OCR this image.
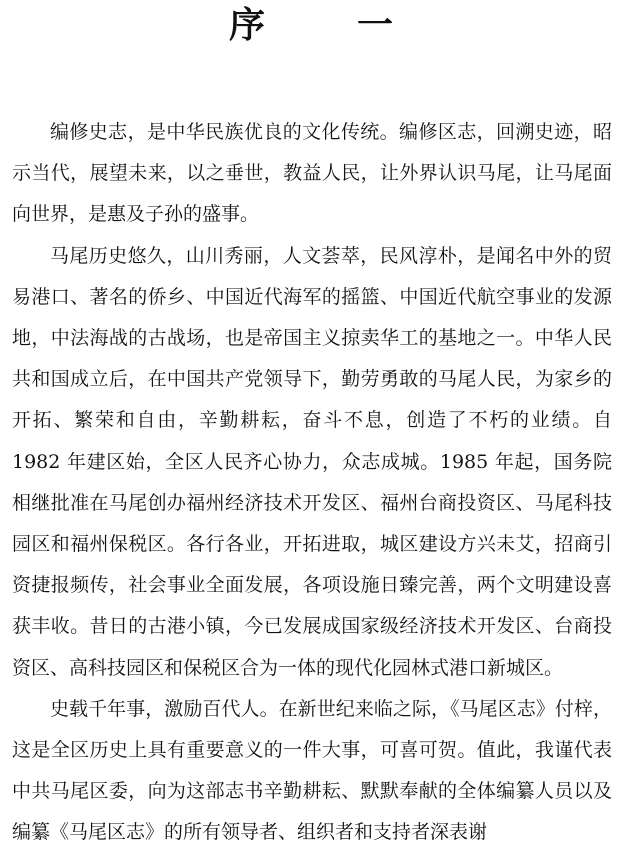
序　一

编修史志，是中华民族优良的文化传统。编修区志，回溯史迹，昭示当代，展望未来，以之垂世，教益人民，让外界认识马尾，让马尾面向世界，是惠及子孙的盛事。

马尾历史悠久，山川秀丽，人文荟萃，民风淳朴，是闻名中外的贸易港口、著名的侨乡、中国近代海军的摇篮、中国近代航空事业的发源地，中法海战的古战场，也是帝国主义掠卖华工的基地之一。中华人民共和国成立后，在中国共产党领导下，勤劳勇敢的马尾人民，为家乡的开拓、繁荣和自由，辛勤耕耘，奋斗不息，创造了不朽的业绩。自 1982 年建区始，全区人民齐心协力，众志成城。1985 年起，国务院相继批准在马尾创办福州经济技术开发区、福州台商投资区、马尾科技园区和福州保税区。各行各业，开拓进取，城区建设方兴未艾，招商引资捷报频传，社会事业全面发展，各项设施日臻完善，两个文明建设喜获丰收。昔日的古港小镇，今已发展成国家级经济技术开发区、台商投资区、高科技园区和保税区合为一体的现代化园林式港口新城区。

史载千年事，激励百代人。在新世纪来临之际，《马尾区志》付梓，这是全区历史上具有重要意义的一件大事，可喜可贺。值此，我谨代表中共马尾区委，向为这部志书辛勤耕耘、默默奉献的全体编纂人员以及编纂《马尾区志》的所有领导者、组织者和支持者深表谢
